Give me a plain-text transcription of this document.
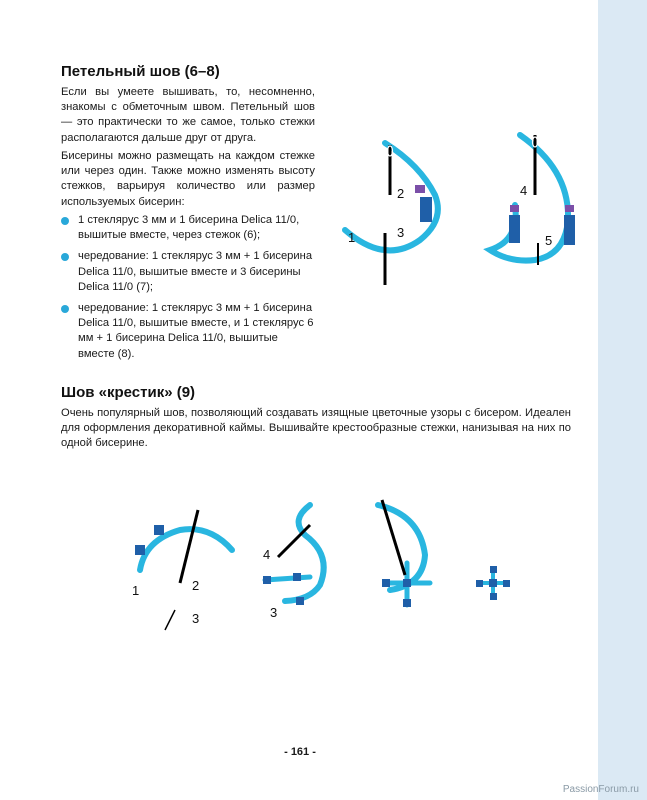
Петельный шов (6–8)

Если вы умеете вышивать, то, несомненно, знакомы с обметочным швом. Петельный шов — это практически то же самое, только стежки располагаются дальше друг от друга.

Бисерины можно размещать на каждом стежке или через один. Также можно изменять высоту стежков, варьируя количество или размер используемых бисерин:

1 стеклярус 3 мм и 1 бисерина Delica 11/0, вышитые вместе, через стежок (6);
чередование: 1 стеклярус 3 мм + 1 бисерина Delica 11/0, вышитые вместе и 3 бисерины Delica 11/0 (7);
чередование: 1 стеклярус 3 мм + 1 бисерина Delica 11/0, вышитые вместе, и 1 стеклярус 6 мм + 1 бисерина Delica 11/0, вышитые вместе (8).
1
2
3
4
5
Шов «крестик» (9)

Очень популярный шов, позволяющий создавать изящные цветочные узоры с бисером. Идеален для оформления декоративной каймы. Вышивайте крестообразные стежки, нанизывая на них по одной бисерине.

1	2
3
4
3
- 161 -
PassionForum.ru
